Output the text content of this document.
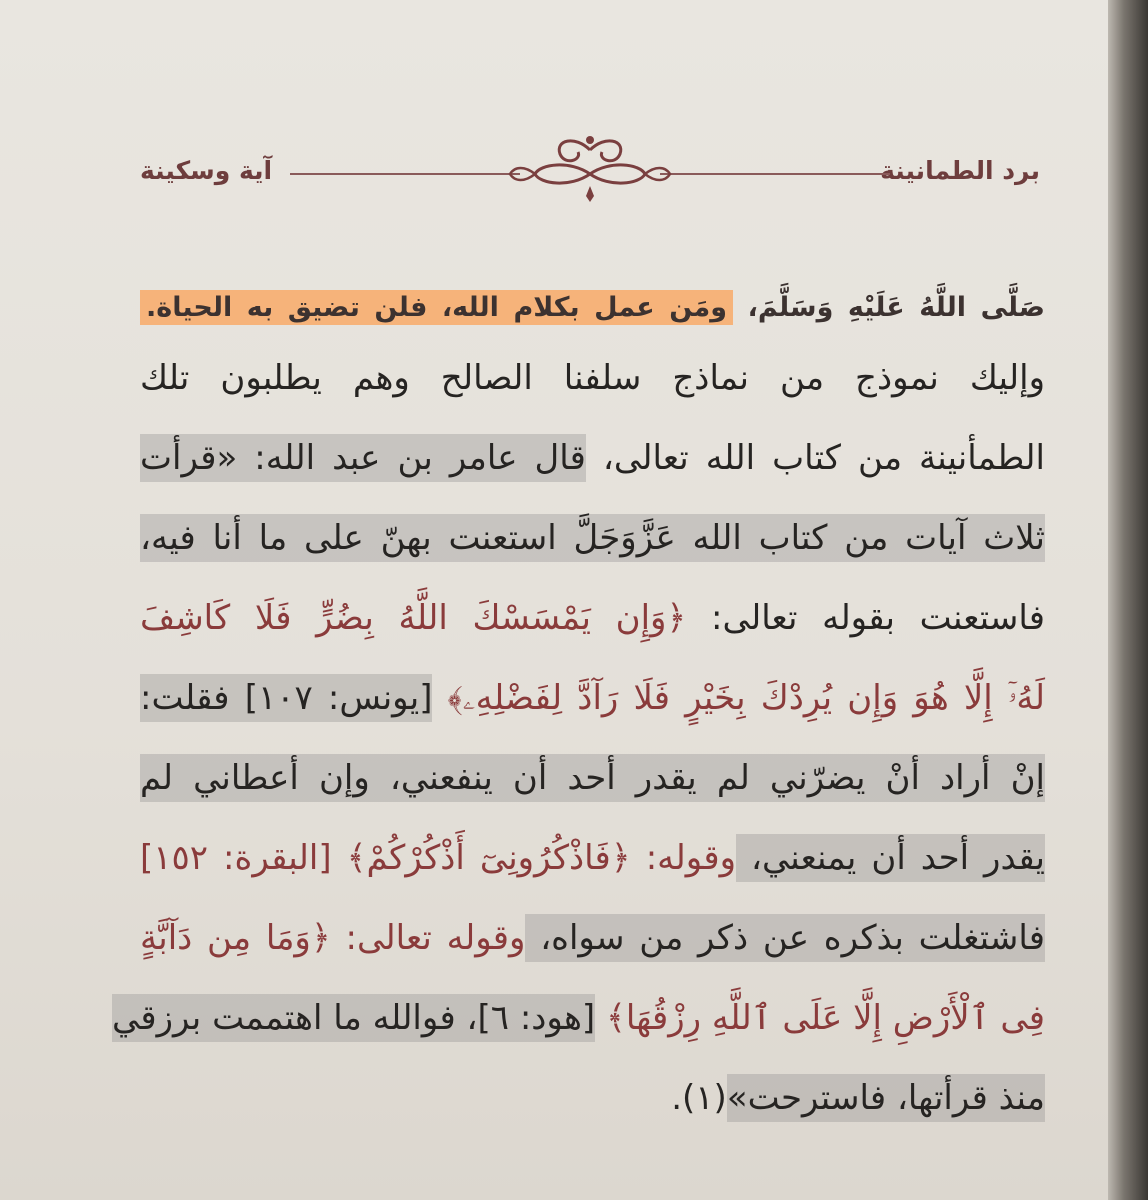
برد الطمانينة
آية وسكينة
صَلَّى اللَّهُ عَلَيْهِ وَسَلَّمَ، ومَن عمل بكلام الله، فلن تضيق به الحياة.
وإليك نموذج من نماذج سلفنا الصالح وهم يطلبون تلك
الطمأنينة من كتاب الله تعالى، قال عامر بن عبد الله: «قرأت
ثلاث آيات من كتاب الله عَزَّوَجَلَّ استعنت بهنّ على ما أنا فيه،
فاستعنت بقوله تعالى: ﴿وَإِن يَمْسَسْكَ اللَّهُ بِضُرٍّ فَلَا كَاشِفَ
لَهُۥٓ إِلَّا هُوَ وَإِن يُرِدْكَ بِخَيْرٍ فَلَا رَآدَّ لِفَضْلِهِۦ﴾ [يونس: ١٠٧] فقلت:
إنْ أراد أنْ يضرّني لم يقدر أحد أن ينفعني، وإن أعطاني لم
يقدر أحد أن يمنعني، وقوله: ﴿فَاذْكُرُونِىٓ أَذْكُرْكُمْ﴾ [البقرة: ١٥٢]
فاشتغلت بذكره عن ذكر من سواه، وقوله تعالى: ﴿وَمَا مِن دَآبَّةٍ
فِى ٱلْأَرْضِ إِلَّا عَلَى ٱللَّهِ رِزْقُهَا﴾ [هود: ٦]، فوالله ما اهتممت برزقي
منذ قرأتها، فاسترحت»(١).
